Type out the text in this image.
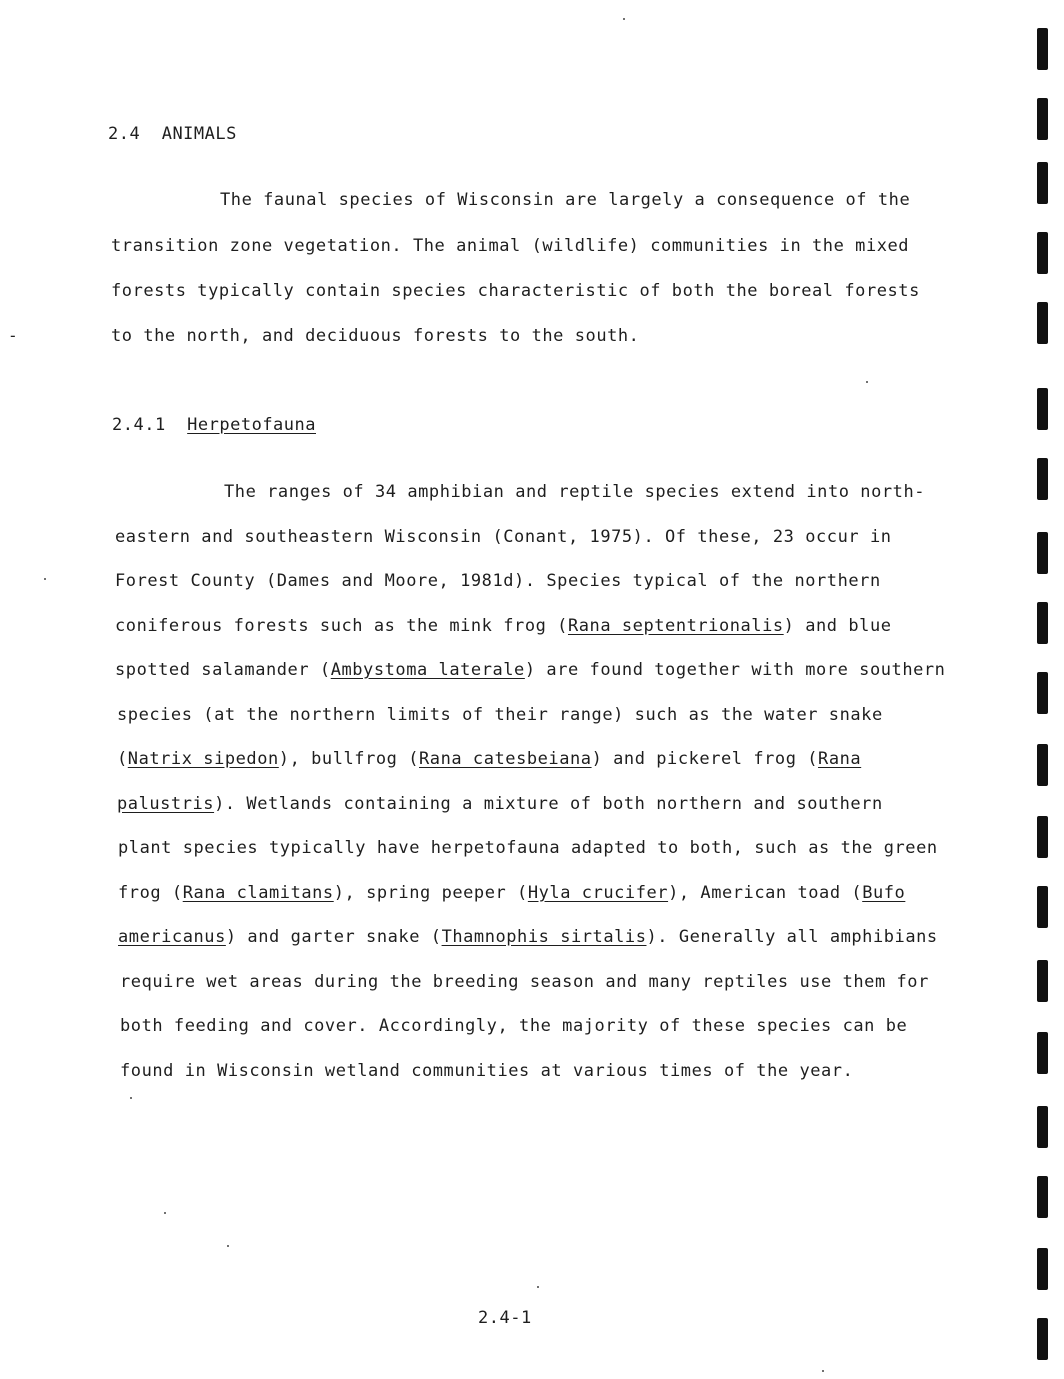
2.4 ANIMALS
The faunal species of Wisconsin are largely a consequence of the
transition zone vegetation. The animal (wildlife) communities in the mixed
forests typically contain species characteristic of both the boreal forests
to the north, and deciduous forests to the south.
2.4.1 Herpetofauna
The ranges of 34 amphibian and reptile species extend into north-
eastern and southeastern Wisconsin (Conant, 1975). Of these, 23 occur in
Forest County (Dames and Moore, 1981d). Species typical of the northern
coniferous forests such as the mink frog (Rana septentrionalis) and blue
spotted salamander (Ambystoma laterale) are found together with more southern
species (at the northern limits of their range) such as the water snake
(Natrix sipedon), bullfrog (Rana catesbeiana) and pickerel frog (Rana
palustris). Wetlands containing a mixture of both northern and southern
plant species typically have herpetofauna adapted to both, such as the green
frog (Rana clamitans), spring peeper (Hyla crucifer), American toad (Bufo
americanus) and garter snake (Thamnophis sirtalis). Generally all amphibians
require wet areas during the breeding season and many reptiles use them for
both feeding and cover. Accordingly, the majority of these species can be
found in Wisconsin wetland communities at various times of the year.
2.4-1
-
